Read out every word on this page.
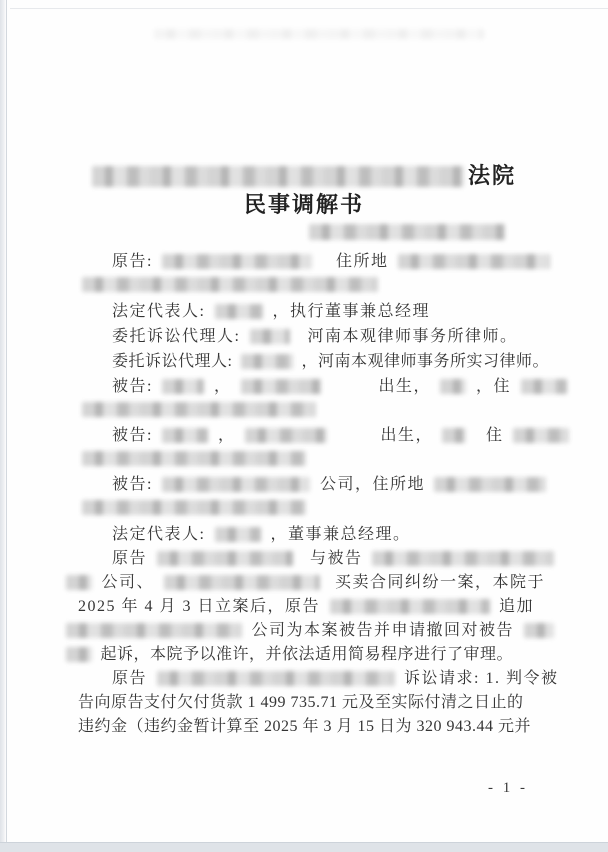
法院
民事调解书
原告:	住所地
法定代表人:	，执行董事兼总经理
委托诉讼代理人:	河南本观律师事务所律师。
委托诉讼代理人:	，河南本观律师事务所实习律师。
被告:	，	出生，	，住
被告:	，	出生，	住
被告:	公司，住所地
法定代表人:	，董事兼总经理。
原告	与被告
公司、	买卖合同纠纷一案，本院于
2025 年 4 月 3 日立案后，原告	追加
公司为本案被告并申请撤回对被告
起诉，本院予以准许，并依法适用简易程序进行了审理。
原告	诉讼请求: 1. 判令被
告向原告支付欠付货款 1 499 735.71 元及至实际付清之日止的
违约金（违约金暂计算至 2025 年 3 月 15 日为 320 943.44 元并
- 1 -
